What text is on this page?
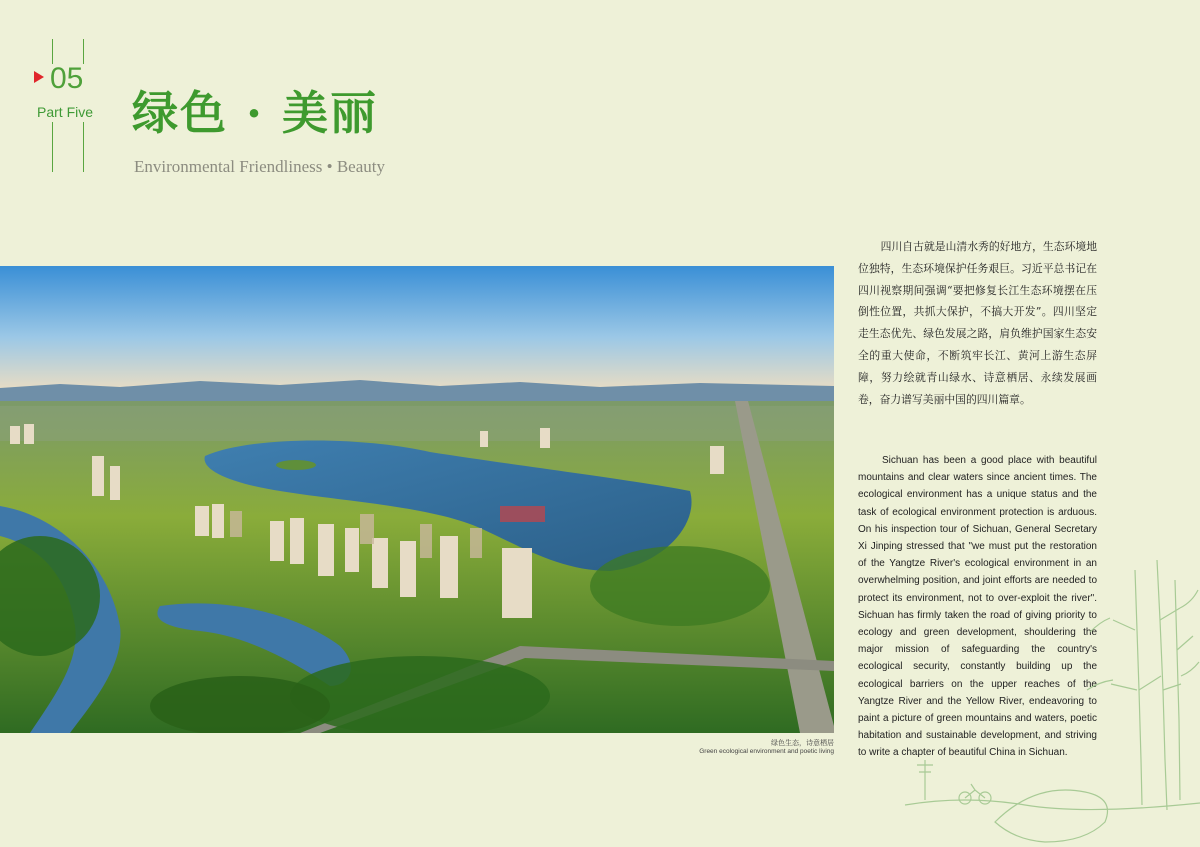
05
Part Five 绿色 · 美丽
Environmental Friendliness • Beauty
绿色生态，诗意栖居
Green ecological environment and poetic living

四川自古就是山清水秀的好地方，生态环境地位独特，生态环境保护任务艰巨。习近平总书记在四川视察期间强调“要把修复长江生态环境摆在压倒性位置，共抓大保护，不搞大开发”。四川坚定走生态优先、绿色发展之路，肩负维护国家生态安全的重大使命，不断筑牢长江、黄河上游生态屏障，努力绘就青山绿水、诗意栖居、永续发展画卷，奋力谱写美丽中国的四川篇章。

Sichuan has been a good place with beautiful mountains and clear waters since ancient times. The ecological environment has a unique status and the task of ecological environment protection is arduous. On his inspection tour of Sichuan, General Secretary Xi Jinping stressed that "we must put the restoration of the Yangtze River's ecological environment in an overwhelming position, and joint efforts are needed to protect its environment, not to over-exploit the river". Sichuan has firmly taken the road of giving priority to ecology and green development, shouldering the major mission of safeguarding the country's ecological security, constantly building up the ecological barriers on the upper reaches of the Yangtze River and the Yellow River, endeavoring to paint a picture of green mountains and waters, poetic habitation and sustainable development, and striving to write a chapter of beautiful China in Sichuan.
